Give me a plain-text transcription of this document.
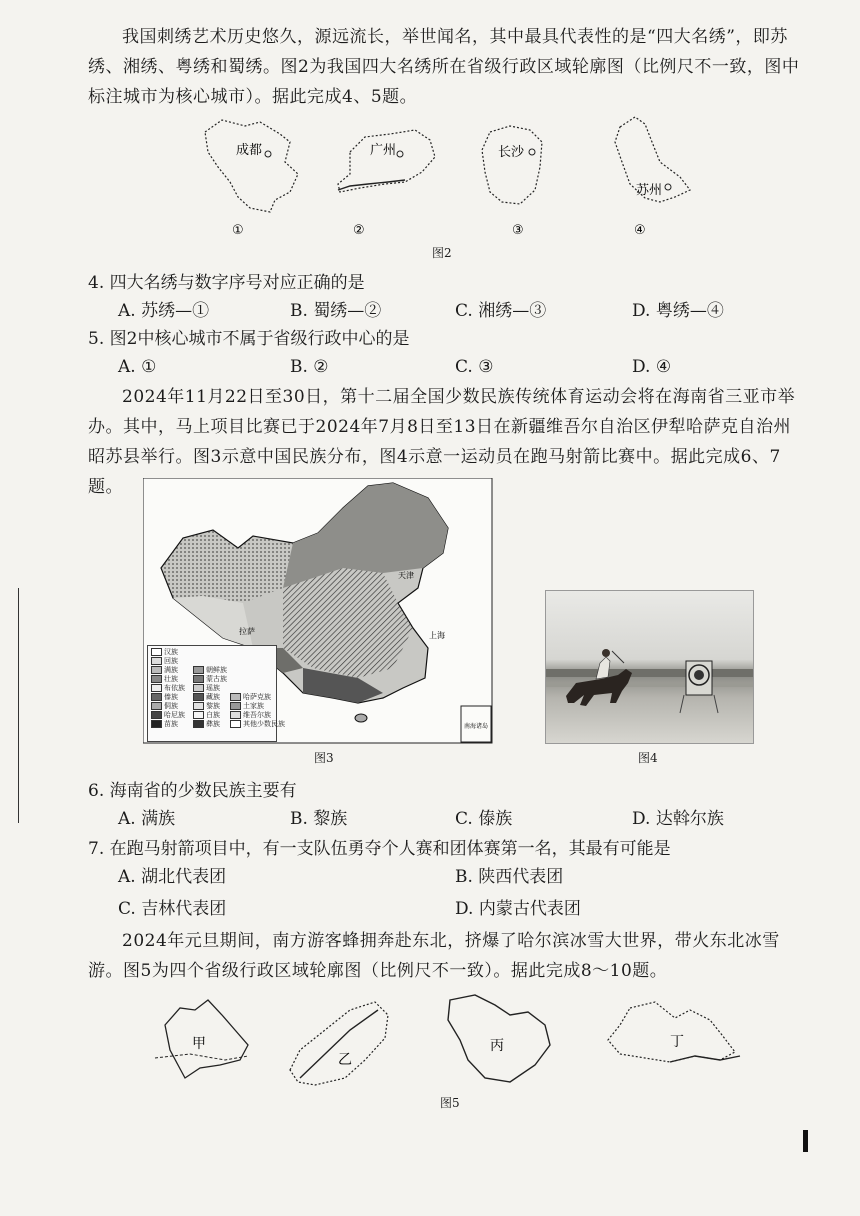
我国刺绣艺术历史悠久，源远流长，举世闻名，其中最具代表性的是“四大名绣”，即苏绣、湘绣、粤绣和蜀绣。图2为我国四大名绣所在省级行政区域轮廓图（比例尺不一致，图中标注城市为核心城市）。据此完成4、5题。

成都	广州	长沙
苏州
①	②	③	④
图2

4. 四大名绣与数字序号对应正确的是

A. 苏绣—①	B. 蜀绣—②	C. 湘绣—③	D. 粤绣—④

5. 图2中核心城市不属于省级行政中心的是

A. ①	B. ②	C. ③	D. ④

2024年11月22日至30日，第十二届全国少数民族传统体育运动会将在海南省三亚市举办。其中，马上项目比赛已于2024年7月8日至13日在新疆维吾尔自治区伊犁哈萨克自治州昭苏县举行。图3示意中国民族分布，图4示意一运动员在跑马射箭比赛中。据此完成6、7题。

天津
上海
拉萨
南海诸岛
汉族
回族
满族
壮族
布依族
傣族
侗族
哈尼族
苗族

朝鲜族
蒙古族
瑶族
藏族
黎族
白族
彝族

哈萨克族
土家族
维吾尔族
其他少数民族
图3	图4

6. 海南省的少数民族主要有

A. 满族	B. 黎族	C. 傣族	D. 达斡尔族

7. 在跑马射箭项目中，有一支队伍勇夺个人赛和团体赛第一名，其最有可能是

A. 湖北代表团	B. 陕西代表团
C. 吉林代表团	D. 内蒙古代表团

2024年元旦期间，南方游客蜂拥奔赴东北，挤爆了哈尔滨冰雪大世界，带火东北冰雪游。图5为四个省级行政区域轮廓图（比例尺不一致）。据此完成8～10题。

甲
乙
丙	丁
图5
